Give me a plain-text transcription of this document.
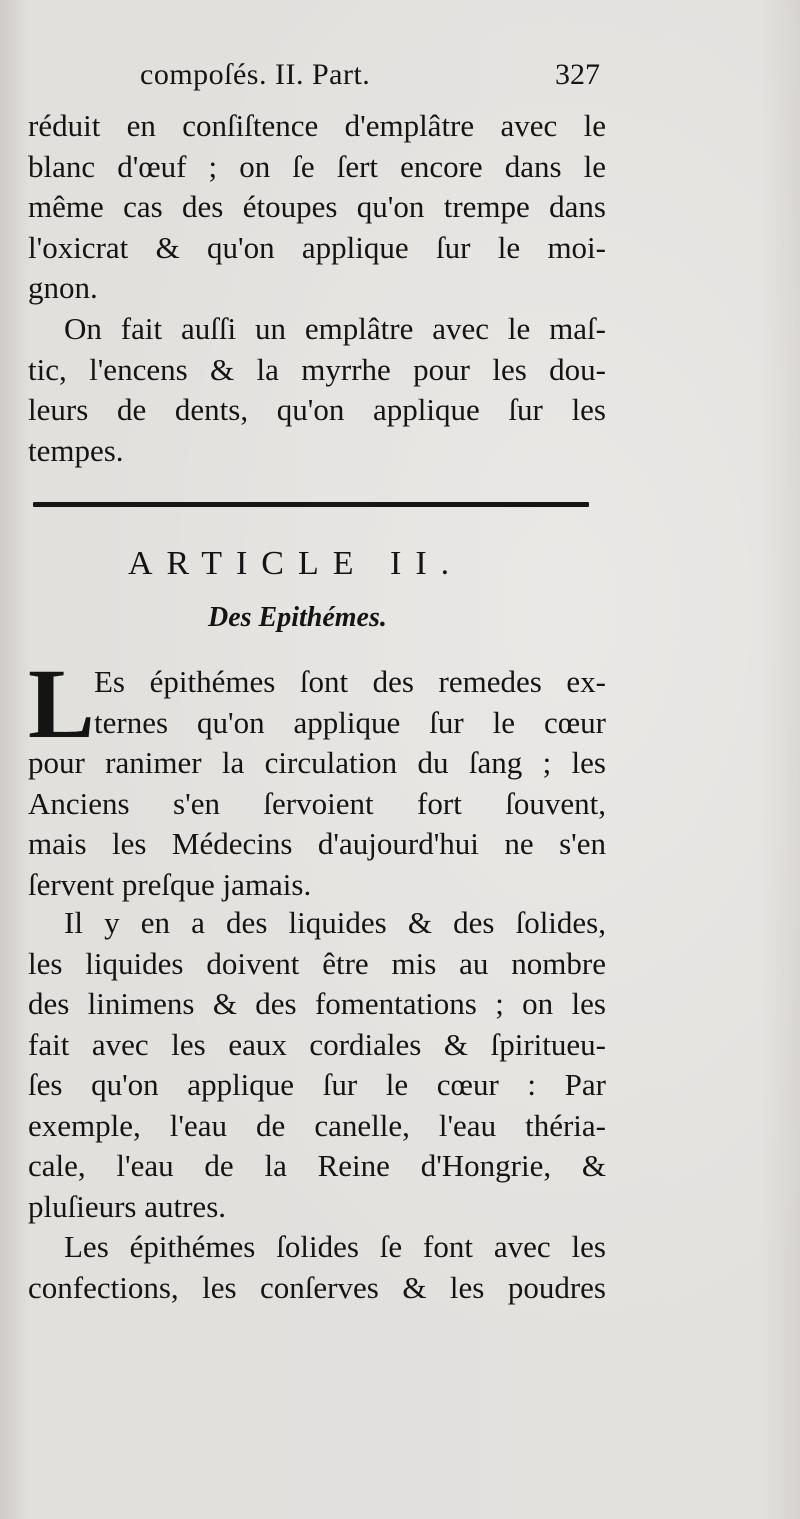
compoſés. II. Part.	327

réduit en conſiſtence d'emplâtre avec le
blanc d'œuf ; on ſe ſert encore dans le
même cas des étoupes qu'on trempe dans
l'oxicrat & qu'on applique ſur le moi-
gnon.

On fait auſſi un emplâtre avec le maſ-
tic, l'encens & la myrrhe pour les dou-
leurs de dents, qu'on applique ſur les
tempes.

ARTICLE II.
Des Epithémes.
L Es épithémes ſont des remedes ex-
ternes qu'on applique ſur le cœur

pour ranimer la circulation du ſang ; les
Anciens s'en ſervoient fort ſouvent,
mais les Médecins d'aujourd'hui ne s'en
ſervent preſque jamais.

Il y en a des liquides & des ſolides,
les liquides doivent être mis au nombre
des linimens & des fomentations ; on les
fait avec les eaux cordiales & ſpiritueu-
ſes qu'on applique ſur le cœur : Par
exemple, l'eau de canelle, l'eau théria-
cale, l'eau de la Reine d'Hongrie, &
pluſieurs autres.

Les épithémes ſolides ſe font avec les
confections, les conſerves & les poudres
